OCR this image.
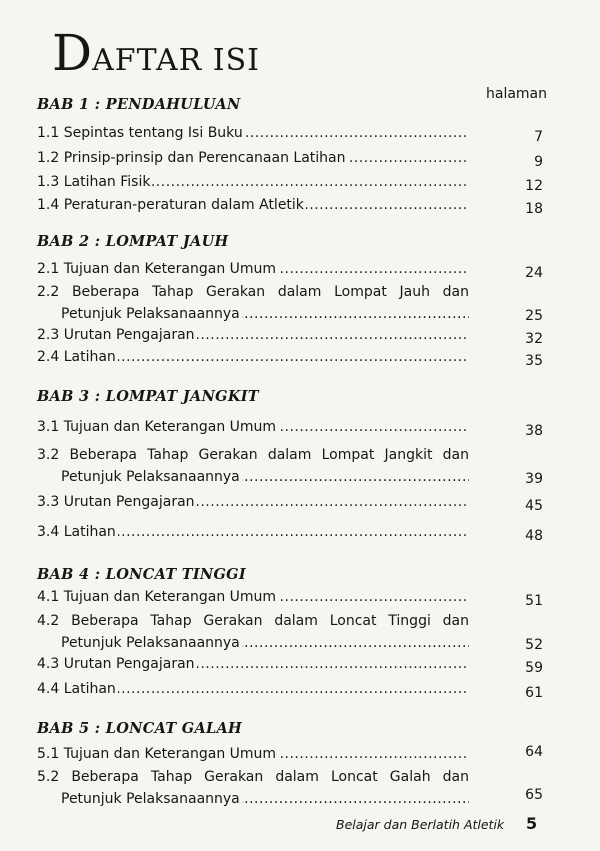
DAFTAR ISI
halaman
BAB 1 : PENDAHULUAN
.....
1.1 Sepintas tentang Isi Buku	7
.....
1.2 Prinsip-prinsip dan Perencanaan Latihan	9
.....
1.3 Latihan Fisik	12
.....
1.4 Peraturan-peraturan dalam Atletik	18
BAB 2 : LOMPAT JAUH
.....
2.1 Tujuan dan Keterangan Umum	24
2.2 Beberapa Tahap Gerakan dalam Lompat Jauh dan
.....
Petunjuk Pelaksanaannya	25
.....
2.3 Urutan Pengajaran	32
.....
2.4 Latihan	35
BAB 3 : LOMPAT JANGKIT
.....
3.1 Tujuan dan Keterangan Umum	38
3.2 Beberapa Tahap Gerakan dalam Lompat Jangkit dan
.....
Petunjuk Pelaksanaannya	39
.....
3.3 Urutan Pengajaran	45
.....
3.4 Latihan	48
BAB 4 : LONCAT TINGGI
.....
4.1 Tujuan dan Keterangan Umum	51
4.2 Beberapa Tahap Gerakan dalam Loncat Tinggi dan
.....
Petunjuk Pelaksanaannya	52
.....
4.3 Urutan Pengajaran	59
.....
4.4 Latihan	61
BAB 5 : LONCAT GALAH
.....
5.1 Tujuan dan Keterangan Umum	64
5.2 Beberapa Tahap Gerakan dalam Loncat Galah dan
.....
Petunjuk Pelaksanaannya	65
Belajar dan Berlatih Atletik 5
